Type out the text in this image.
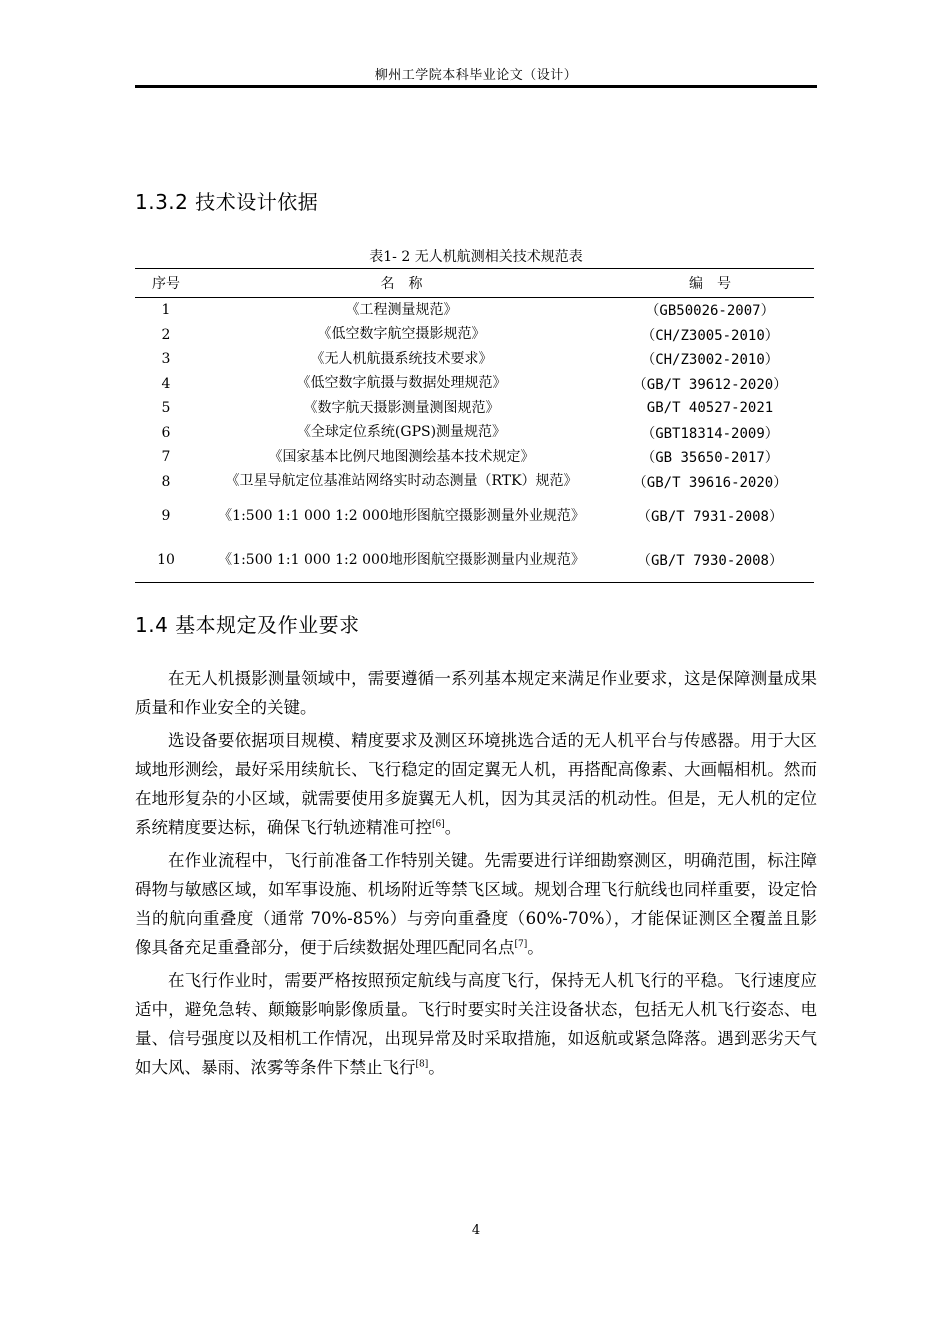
柳州工学院本科毕业论文（设计）
1.3.2 技术设计依据
表1- 2 无人机航测相关技术规范表
序号	名　称	编　号
1	《工程测量规范》	（GB50026-2007）
2	《低空数字航空摄影规范》	（CH/Z3005-2010）
3	《无人机航摄系统技术要求》	（CH/Z3002-2010）
4	《低空数字航摄与数据处理规范》	（GB/T 39612-2020）
5	《数字航天摄影测量测图规范》	GB/T 40527-2021
6	《全球定位系统(GPS)测量规范》	（GBT18314-2009）
7	《国家基本比例尺地图测绘基本技术规定》	（GB 35650-2017）
8	《卫星导航定位基准站网络实时动态测量（RTK）规范》	（GB/T 39616-2020）
9	《1:500 1:1 000 1:2 000地形图航空摄影测量外业规范》	（GB/T 7931-2008）
10	《1:500 1:1 000 1:2 000地形图航空摄影测量内业规范》	（GB/T 7930-2008）
1.4 基本规定及作业要求

在无人机摄影测量领域中，需要遵循一系列基本规定来满足作业要求，这是保障测量成果质量和作业安全的关键。

选设备要依据项目规模、精度要求及测区环境挑选合适的无人机平台与传感器。用于大区域地形测绘，最好采用续航长、飞行稳定的固定翼无人机，再搭配高像素、大画幅相机。然而在地形复杂的小区域，就需要使用多旋翼无人机，因为其灵活的机动性。但是，无人机的定位系统精度要达标，确保飞行轨迹精准可控[6]。

在作业流程中，飞行前准备工作特别关键。先需要进行详细勘察测区，明确范围，标注障碍物与敏感区域，如军事设施、机场附近等禁飞区域。规划合理飞行航线也同样重要，设定恰当的航向重叠度（通常 70%-85%）与旁向重叠度（60%-70%），才能保证测区全覆盖且影像具备充足重叠部分，便于后续数据处理匹配同名点[7]。

在飞行作业时，需要严格按照预定航线与高度飞行，保持无人机飞行的平稳。飞行速度应适中，避免急转、颠簸影响影像质量。飞行时要实时关注设备状态，包括无人机飞行姿态、电量、信号强度以及相机工作情况，出现异常及时采取措施，如返航或紧急降落。遇到恶劣天气如大风、暴雨、浓雾等条件下禁止飞行[8]。

4
